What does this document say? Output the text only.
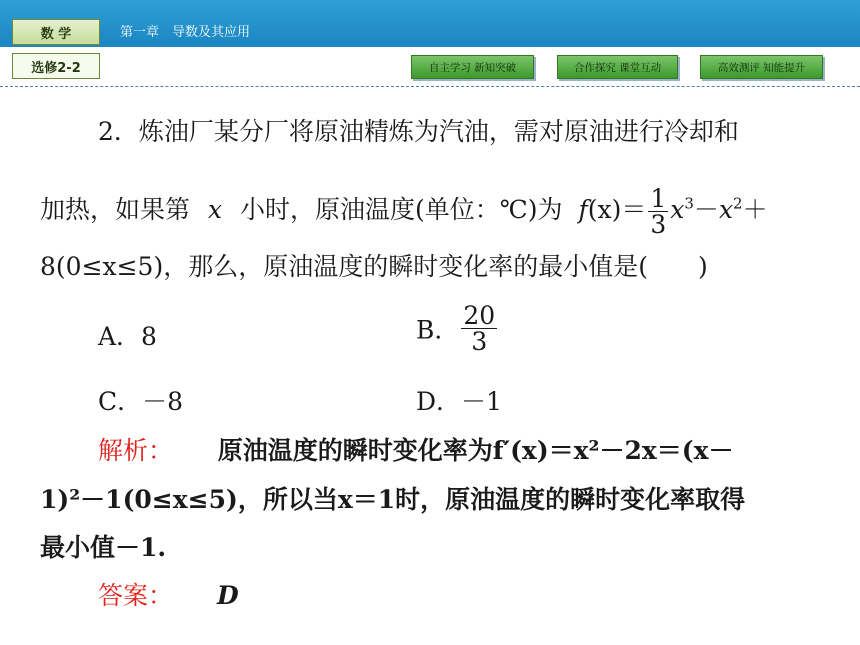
数 学
选修2-2
第一章　导数及其应用
自主学习 新知突破	合作探究 课堂互动	高效测评 知能提升
2．炼油厂某分厂将原油精炼为汽油，需对原油进行冷却和
加热，如果第 x 小时，原油温度(单位：℃)为 $f(x)= \frac{1}{3} x^3-x^2+$
8(0≤x≤5)，那么，原油温度的瞬时变化率的最小值是(　　)
A．8	B． $\frac{20}{3}$
C．－8	D．－1
解析： 原油温度的瞬时变化率为f′(x)＝x²－2x＝(x－
1)²－1(0≤x≤5)，所以当x＝1时，原油温度的瞬时变化率取得
最小值－1.
答案： D
